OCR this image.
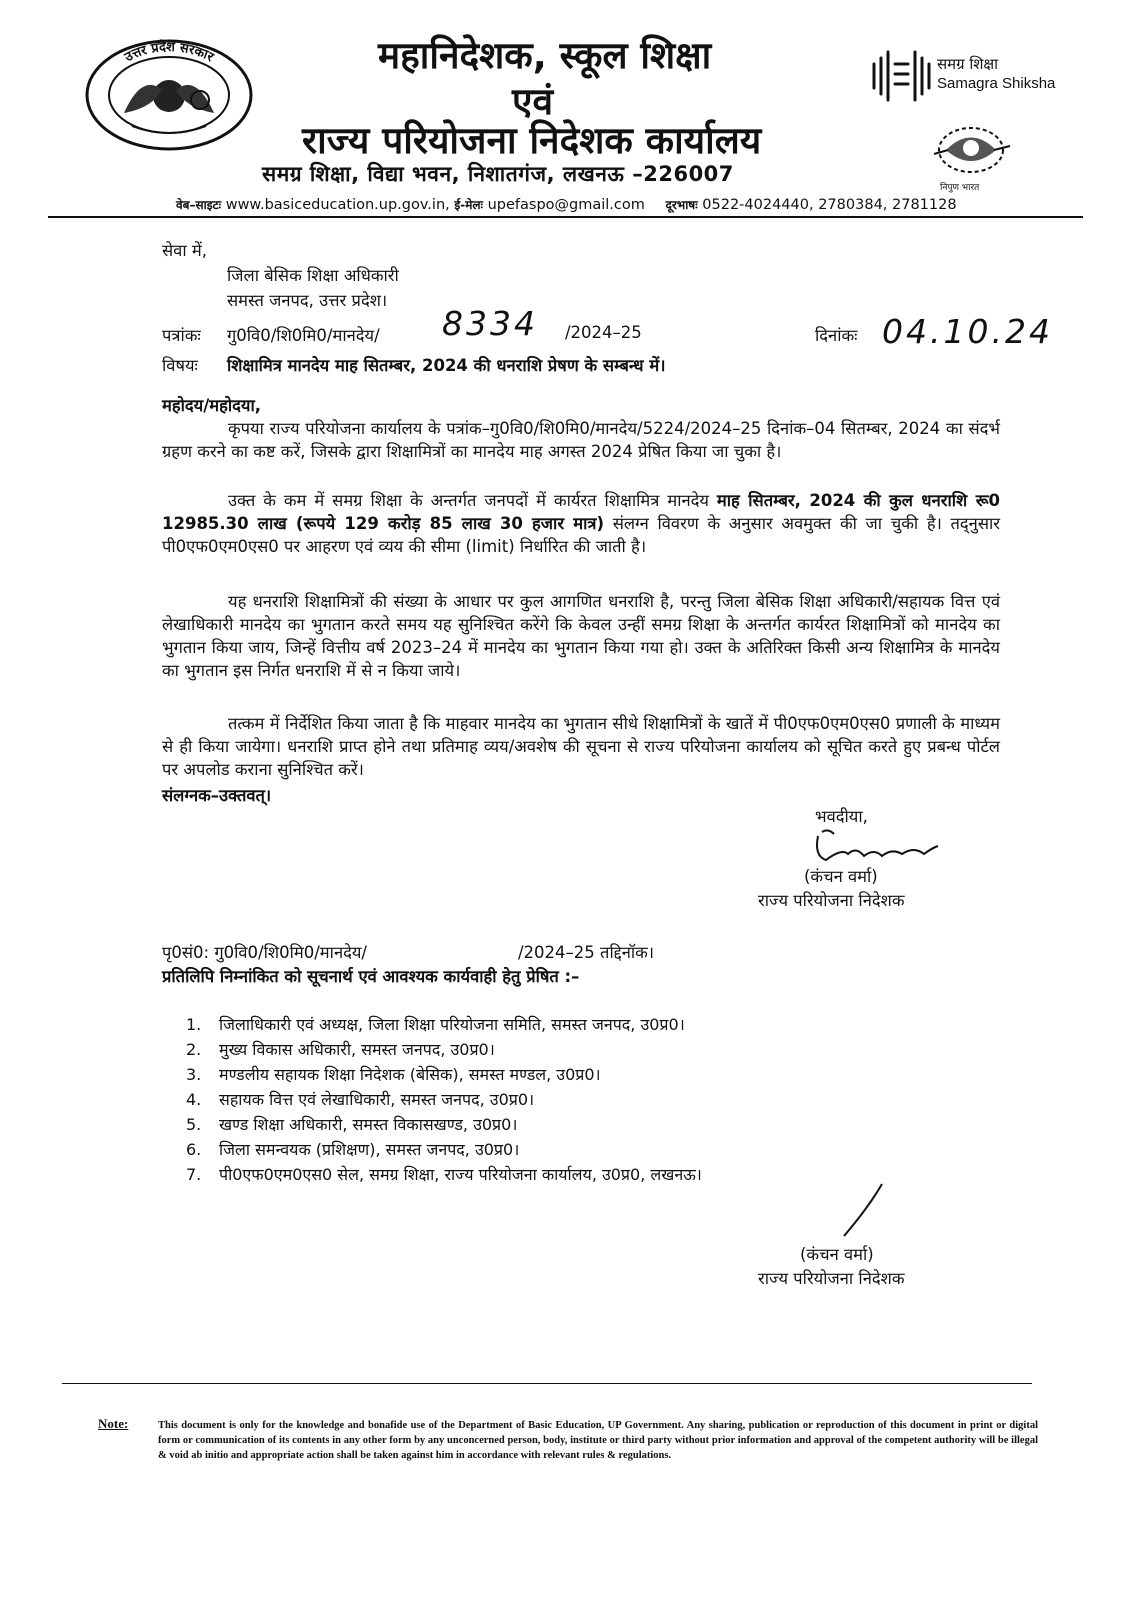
उत्तर प्रदेश सरकार	महानिदेशक, स्कूल शिक्षा
एवं
राज्य परियोजना निदेशक कार्यालय
समग्र शिक्षा, विद्या भवन, निशातगंज, लखनऊ –226007
समग्र शिक्षा
Samagra Shiksha
निपुण भारत
वेब–साइटः www.basiceducation.up.gov.in, ई-मेलः upefaspo@gmail.com दूरभाषः 0522-4024440, 2780384, 2781128
सेवा में,
जिला बेसिक शिक्षा अधिकारी
समस्त जनपद, उत्तर प्रदेश।
पत्रांकः गु0वि0/शि0मि0/मानदेय/ 8334 /2024–25	दिनांकः 04.10.24
विषयः शिक्षामित्र मानदेय माह सितम्बर, 2024 की धनराशि प्रेषण के सम्बन्ध में।
महोदय/महोदया,
कृपया राज्य परियोजना कार्यालय के पत्रांक–गु0वि0/शि0मि0/मानदेय/5224/2024–25 दिनांक–04 सितम्बर, 2024 का संदर्भ ग्रहण करने का कष्ट करें, जिसके द्वारा शिक्षामित्रों का मानदेय माह अगस्त 2024 प्रेषित किया जा चुका है।
उक्त के कम में समग्र शिक्षा के अन्तर्गत जनपदों में कार्यरत शिक्षामित्र मानदेय माह सितम्बर, 2024 की कुल धनराशि रू0 12985.30 लाख (रूपये 129 करोड़ 85 लाख 30 हजार मात्र) संलग्न विवरण के अनुसार अवमुक्त की जा चुकी है। तद्नुसार पी0एफ0एम0एस0 पर आहरण एवं व्यय की सीमा (limit) निर्धारित की जाती है।
यह धनराशि शिक्षामित्रों की संख्या के आधार पर कुल आगणित धनराशि है, परन्तु जिला बेसिक शिक्षा अधिकारी/सहायक वित्त एवं लेखाधिकारी मानदेय का भुगतान करते समय यह सुनिश्चित करेंगे कि केवल उन्हीं समग्र शिक्षा के अन्तर्गत कार्यरत शिक्षामित्रों को मानदेय का भुगतान किया जाय, जिन्हें वित्तीय वर्ष 2023–24 में मानदेय का भुगतान किया गया हो। उक्त के अतिरिक्त किसी अन्य शिक्षामित्र के मानदेय का भुगतान इस निर्गत धनराशि में से न किया जाये।
तत्कम में निर्देशित किया जाता है कि माहवार मानदेय का भुगतान सीधे शिक्षामित्रों के खातें में पी0एफ0एम0एस0 प्रणाली के माध्यम से ही किया जायेगा। धनराशि प्राप्त होने तथा प्रतिमाह व्यय/अवशेष की सूचना से राज्य परियोजना कार्यालय को सूचित करते हुए प्रबन्ध पोर्टल पर अपलोड कराना सुनिश्चित करें।
संलग्नक–उक्तवत्।
भवदीया,
(कंचन वर्मा)
राज्य परियोजना निदेशक
पृ0सं0: गु0वि0/शि0मि0/मानदेय/	/2024–25 तद्दिनॉक।
प्रतिलिपि निम्नांकित को सूचनार्थ एवं आवश्यक कार्यवाही हेतु प्रेषित :–
1. जिलाधिकारी एवं अध्यक्ष, जिला शिक्षा परियोजना समिति, समस्त जनपद, उ0प्र0।
2. मुख्य विकास अधिकारी, समस्त जनपद, उ0प्र0।
3. मण्डलीय सहायक शिक्षा निदेशक (बेसिक), समस्त मण्डल, उ0प्र0।
4. सहायक वित्त एवं लेखाधिकारी, समस्त जनपद, उ0प्र0।
5. खण्ड शिक्षा अधिकारी, समस्त विकासखण्ड, उ0प्र0।
6. जिला समन्वयक (प्रशिक्षण), समस्त जनपद, उ0प्र0।
7. पी0एफ0एम0एस0 सेल, समग्र शिक्षा, राज्य परियोजना कार्यालय, उ0प्र0, लखनऊ।
(कंचन वर्मा)
राज्य परियोजना निदेशक
Note:	This document is only for the knowledge and bonafide use of the Department of Basic Education, UP Government. Any sharing, publication or reproduction of this document in print or digital form or communication of its contents in any other form by any unconcerned person, body, institute or third party without prior information and approval of the competent authority will be illegal & void ab initio and appropriate action shall be taken against him in accordance with relevant rules & regulations.
